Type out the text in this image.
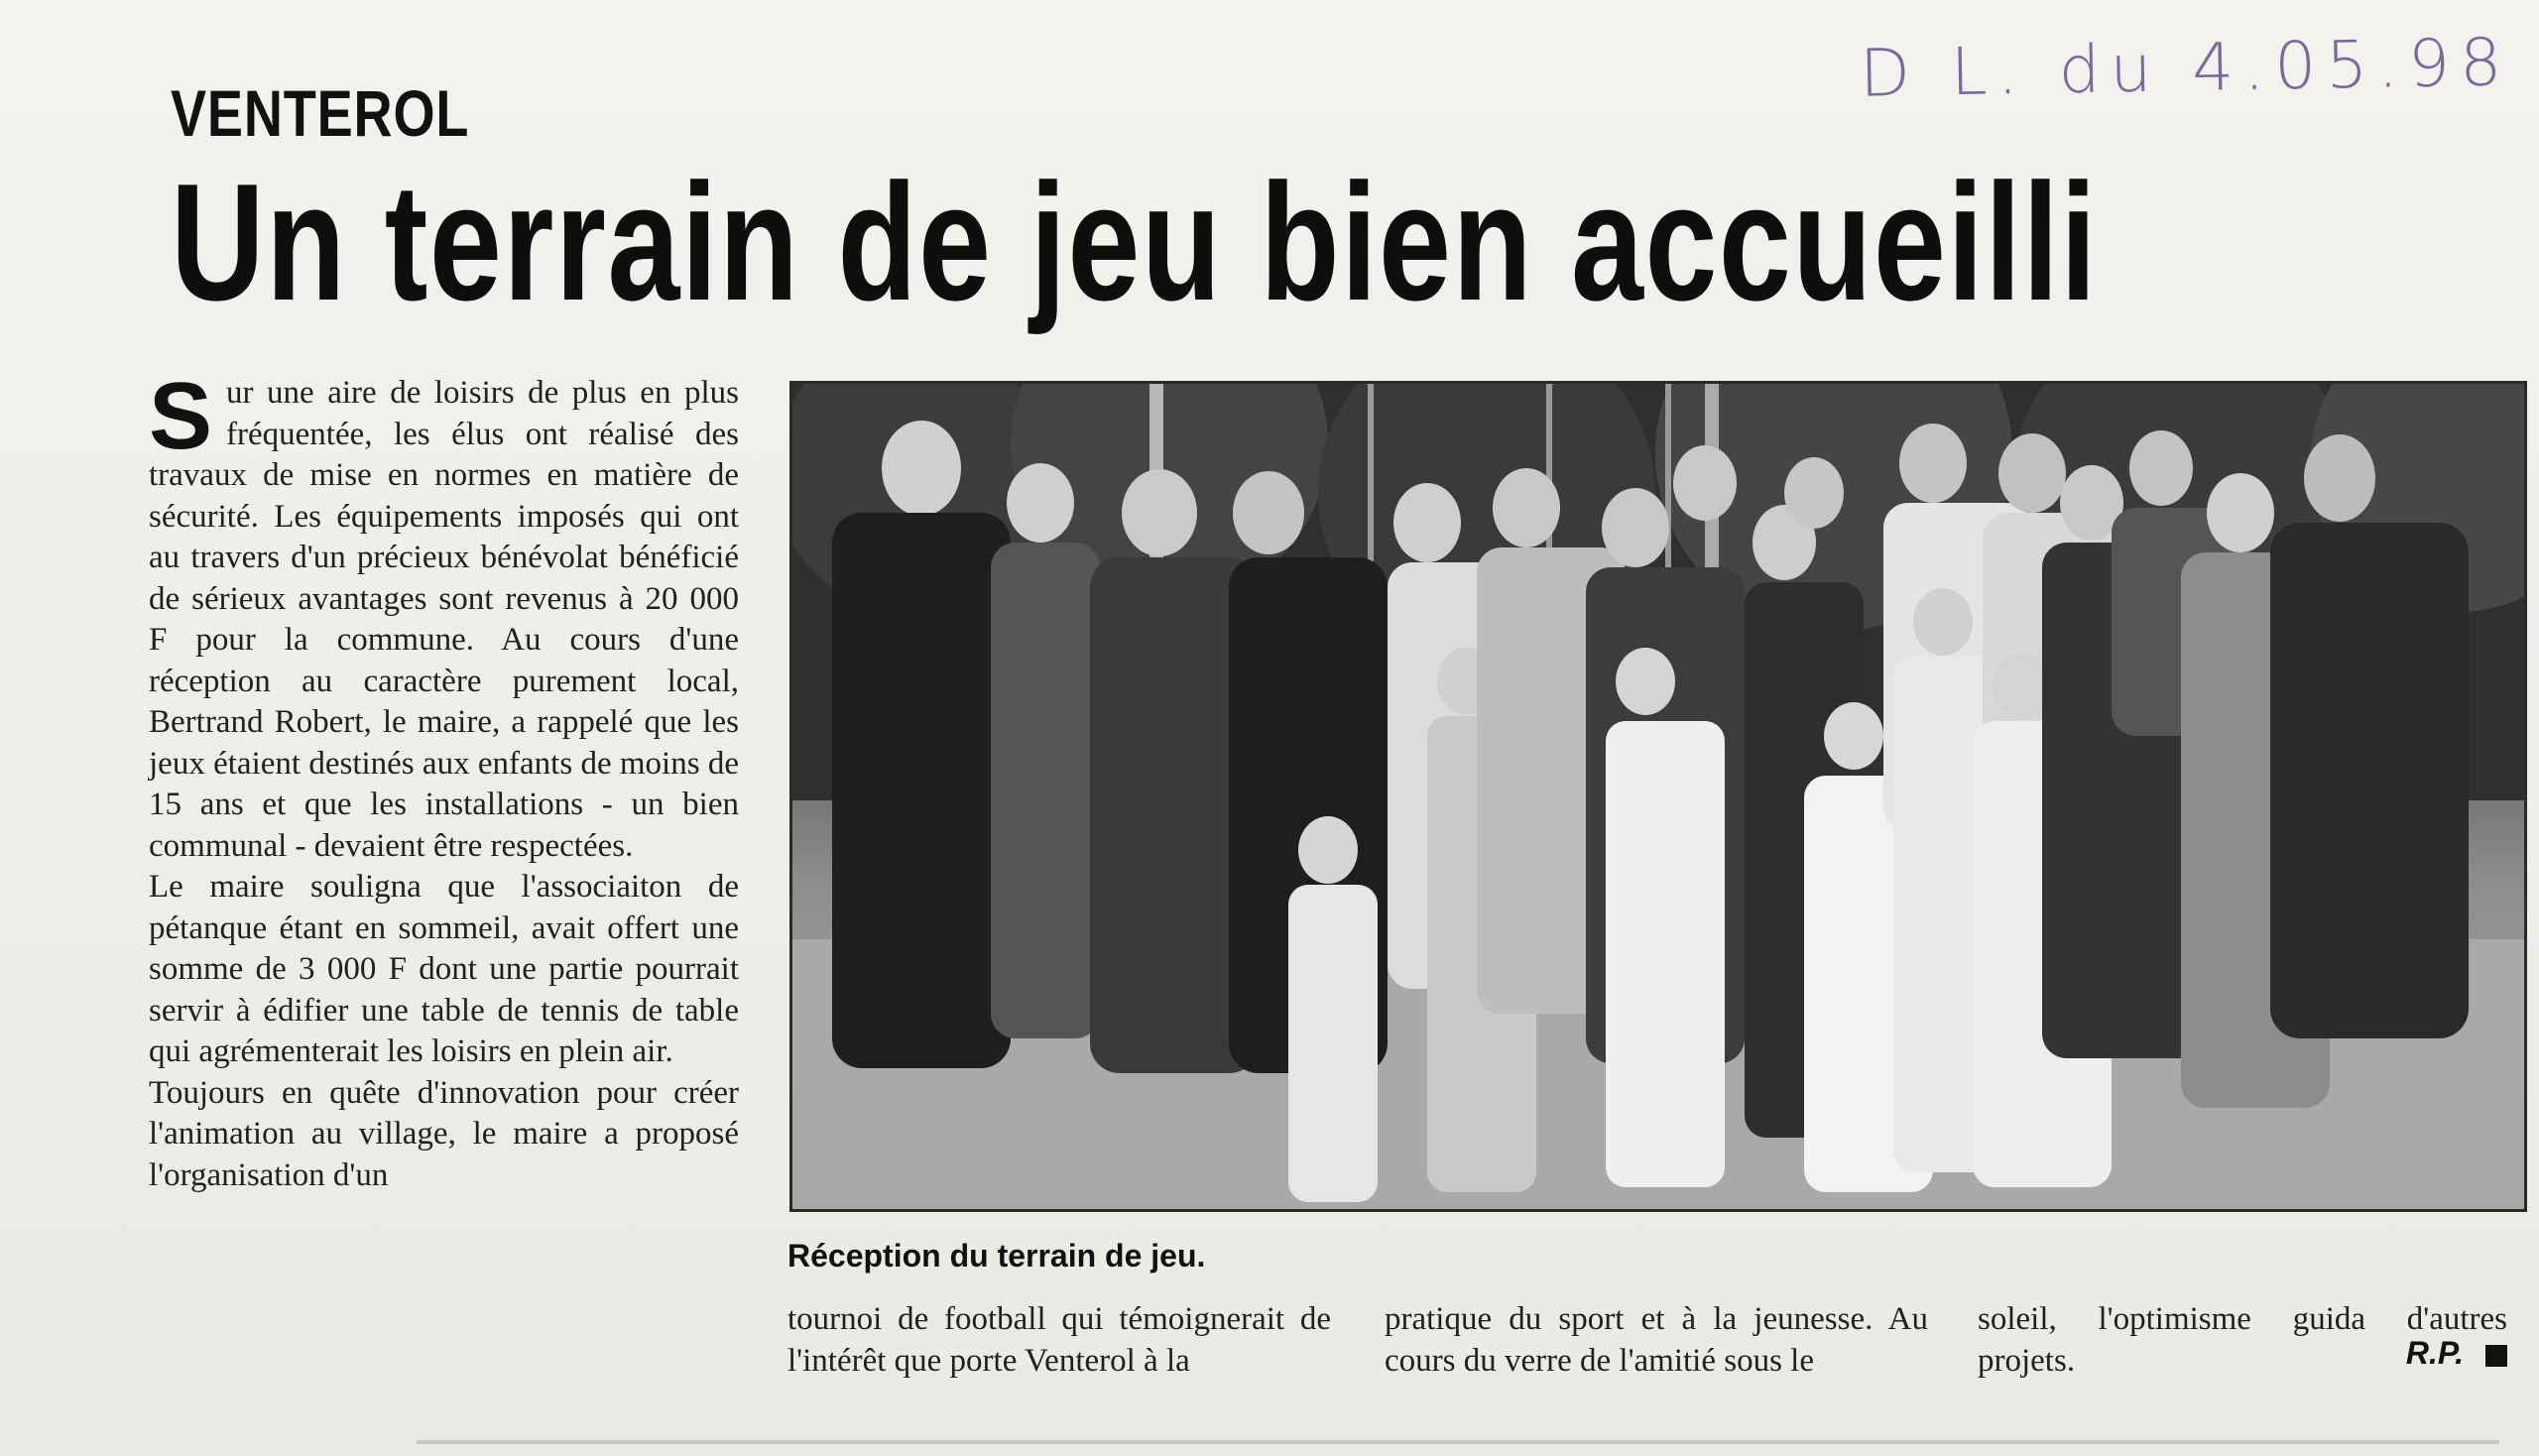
D L. du 4.05.98
VENTEROL
Un terrain de jeu bien accueilli

Sur une aire de loisirs de plus en plus fréquentée, les élus ont réalisé des travaux de mise en normes en matière de sécurité. Les équipements imposés qui ont au travers d'un précieux bénévolat bénéficié de sérieux avantages sont revenus à 20 000 F pour la commune. Au cours d'une réception au caractère purement local, Bertrand Robert, le maire, a rappelé que les jeux étaient destinés aux enfants de moins de 15 ans et que les installations - un bien communal - devaient être respectées.

Le maire souligna que l'associaiton de pétanque étant en sommeil, avait offert une somme de 3 000 F dont une partie pourrait servir à édifier une table de tennis de table qui agrémenterait les loisirs en plein air.

Toujours en quête d'innovation pour créer l'animation au village, le maire a proposé l'organisation d'un

Réception du terrain de jeu.
tournoi de football qui témoignerait de l'intérêt que porte Venterol à la
pratique du sport et à la jeunesse. Au cours du verre de l'amitié sous le
soleil, l'optimisme guida d'autres projets.	R.P.
